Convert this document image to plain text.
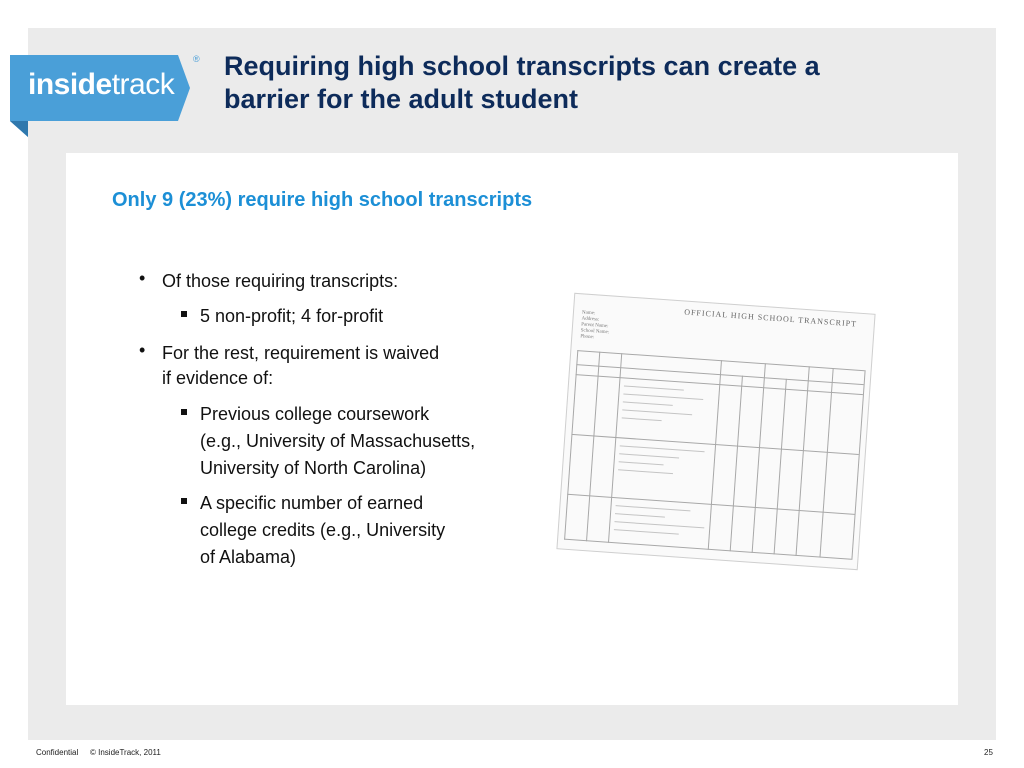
insidetrack
® Requiring high school transcripts can create a
barrier for the adult student
Only 9 (23%) require high school transcripts
• Of those requiring transcripts:
5 non-profit; 4 for-profit
• For the rest, requirement is waived
if evidence of:
Previous college coursework
(e.g., University of Massachusetts,
University of North Carolina)
A specific number of earned
college credits (e.g., University
of Alabama)
OFFICIAL HIGH SCHOOL TRANSCRIPT
Name:
Address:
Parent Name:
School Name:
Phone:
Confidential © InsideTrack, 2011	25
